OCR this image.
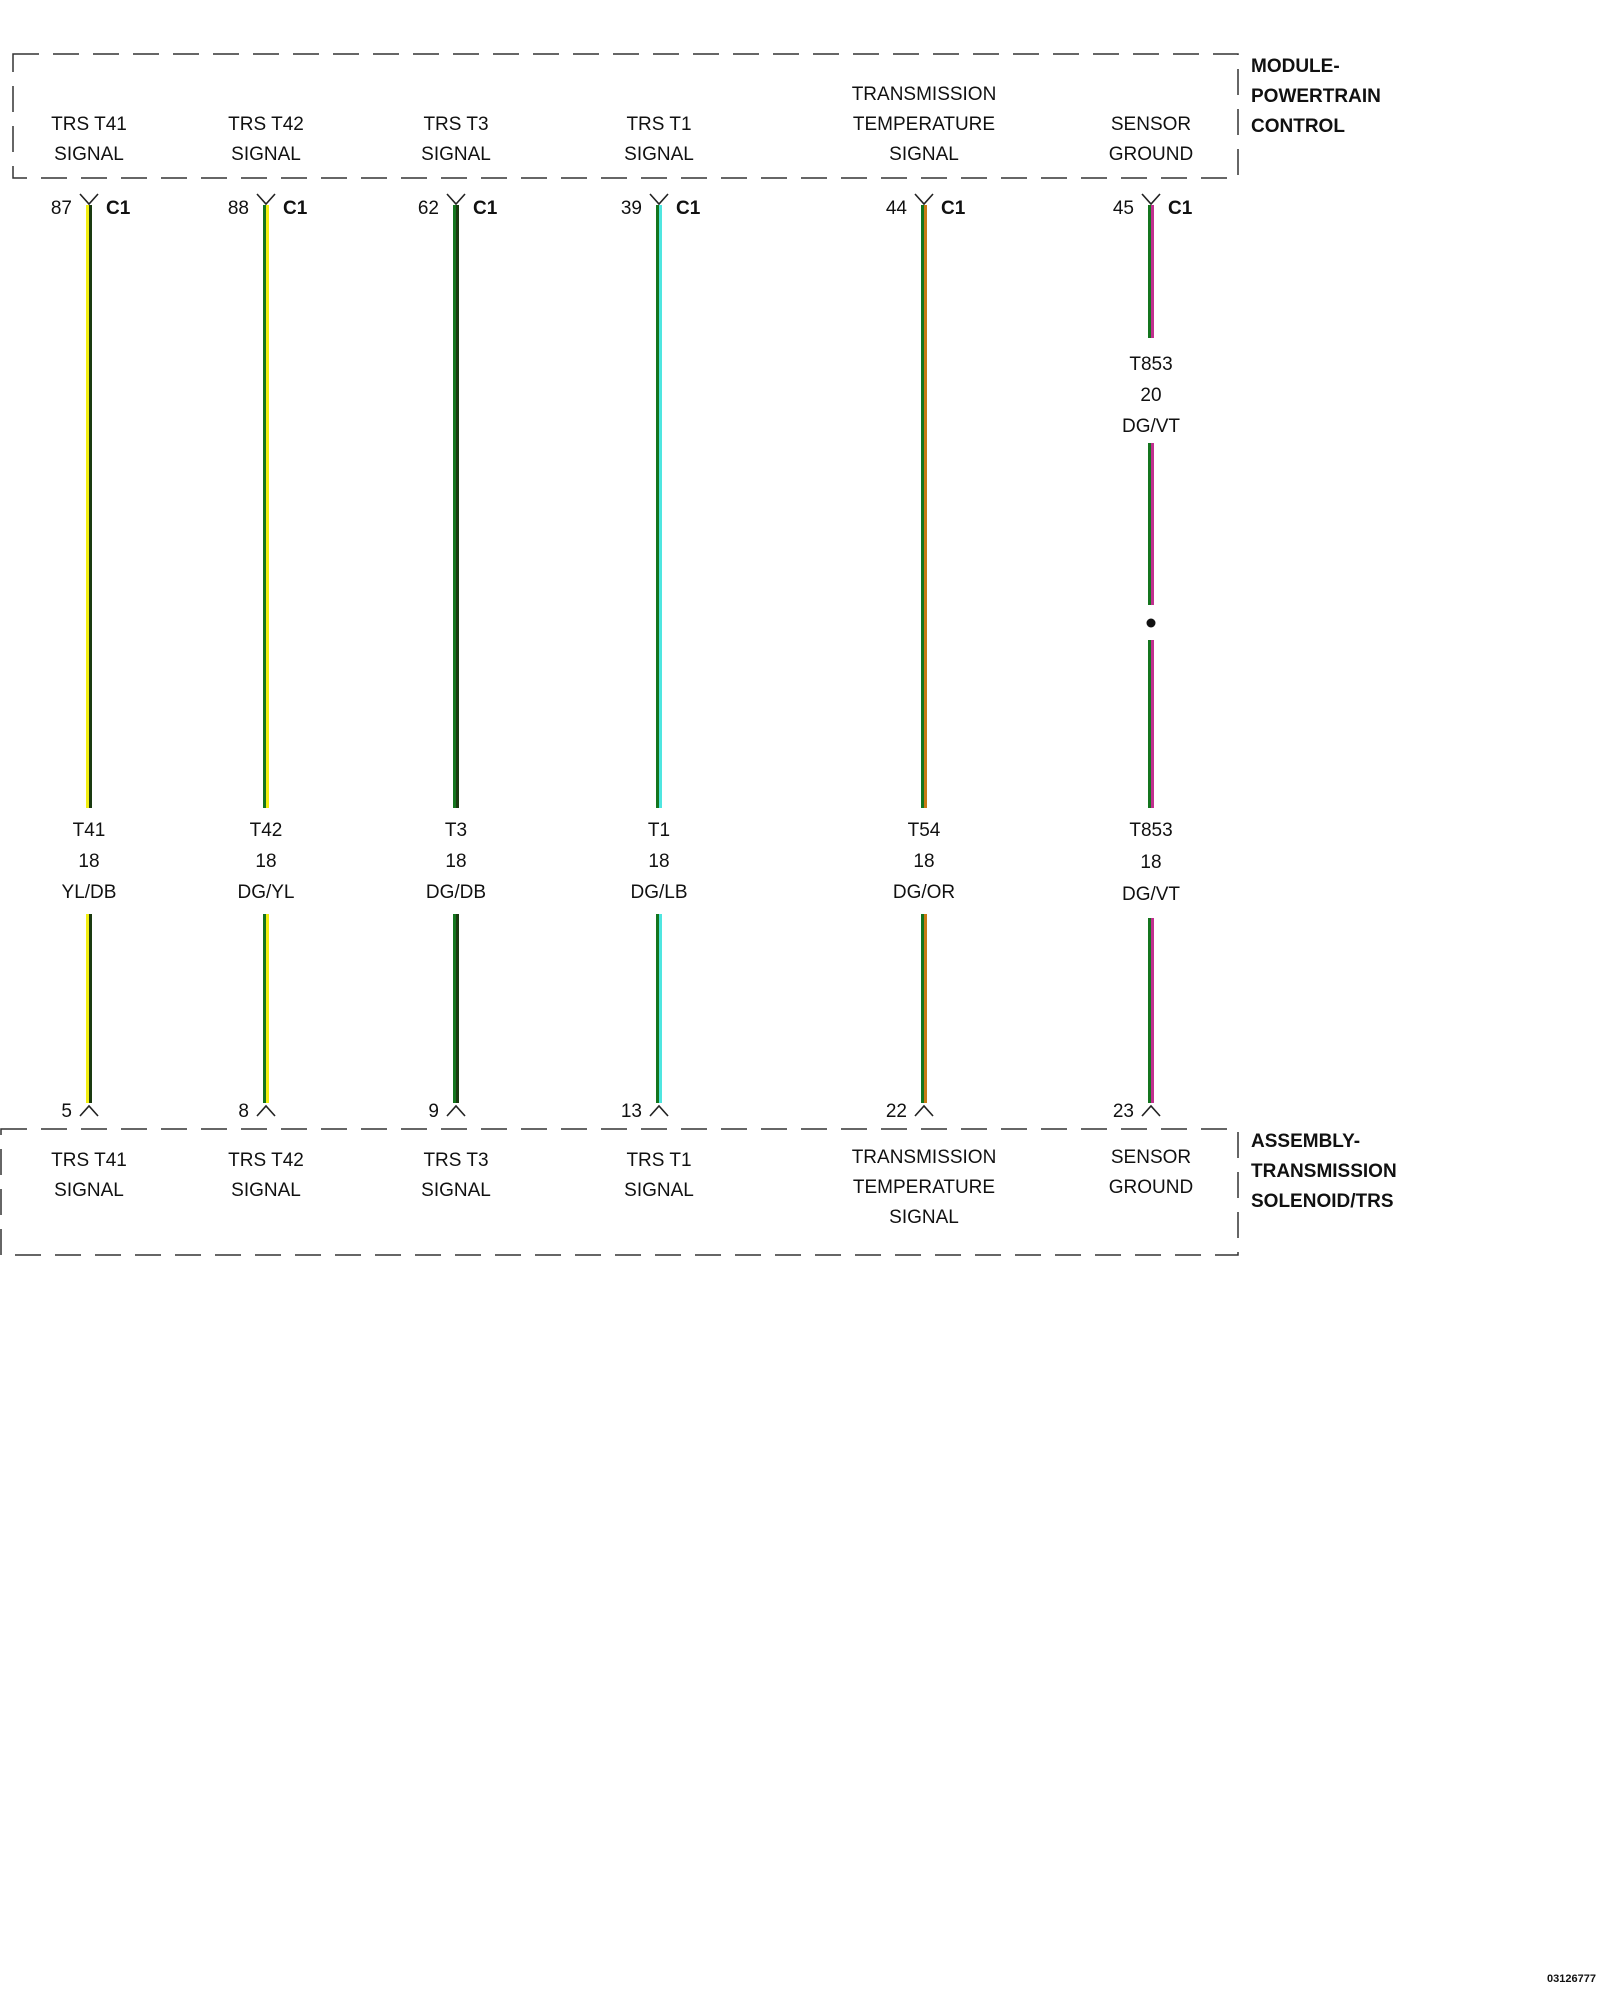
MODULE- POWERTRAIN CONTROL
ASSEMBLY- TRANSMISSION SOLENOID/TRS
03126777
TRS T41
SIGNAL
87 C1
T41
18
YL/DB
5
TRS T41
SIGNAL
TRS T42
SIGNAL
88 C1
T42
18
DG/YL
8
TRS T42
SIGNAL
TRS T3
SIGNAL
62 C1
T3
18
DG/DB
9
TRS T3
SIGNAL
TRS T1
SIGNAL
39 C1
T1
18
DG/LB
13
TRS T1
SIGNAL
TRANSMISSION
TEMPERATURE
SIGNAL
44 C1
T54
18
DG/OR
22
TRANSMISSION
TEMPERATURE
SIGNAL
SENSOR
GROUND
45 C1
T853
18
DG/VT
T853
20
DG/VT
23
SENSOR
GROUND
